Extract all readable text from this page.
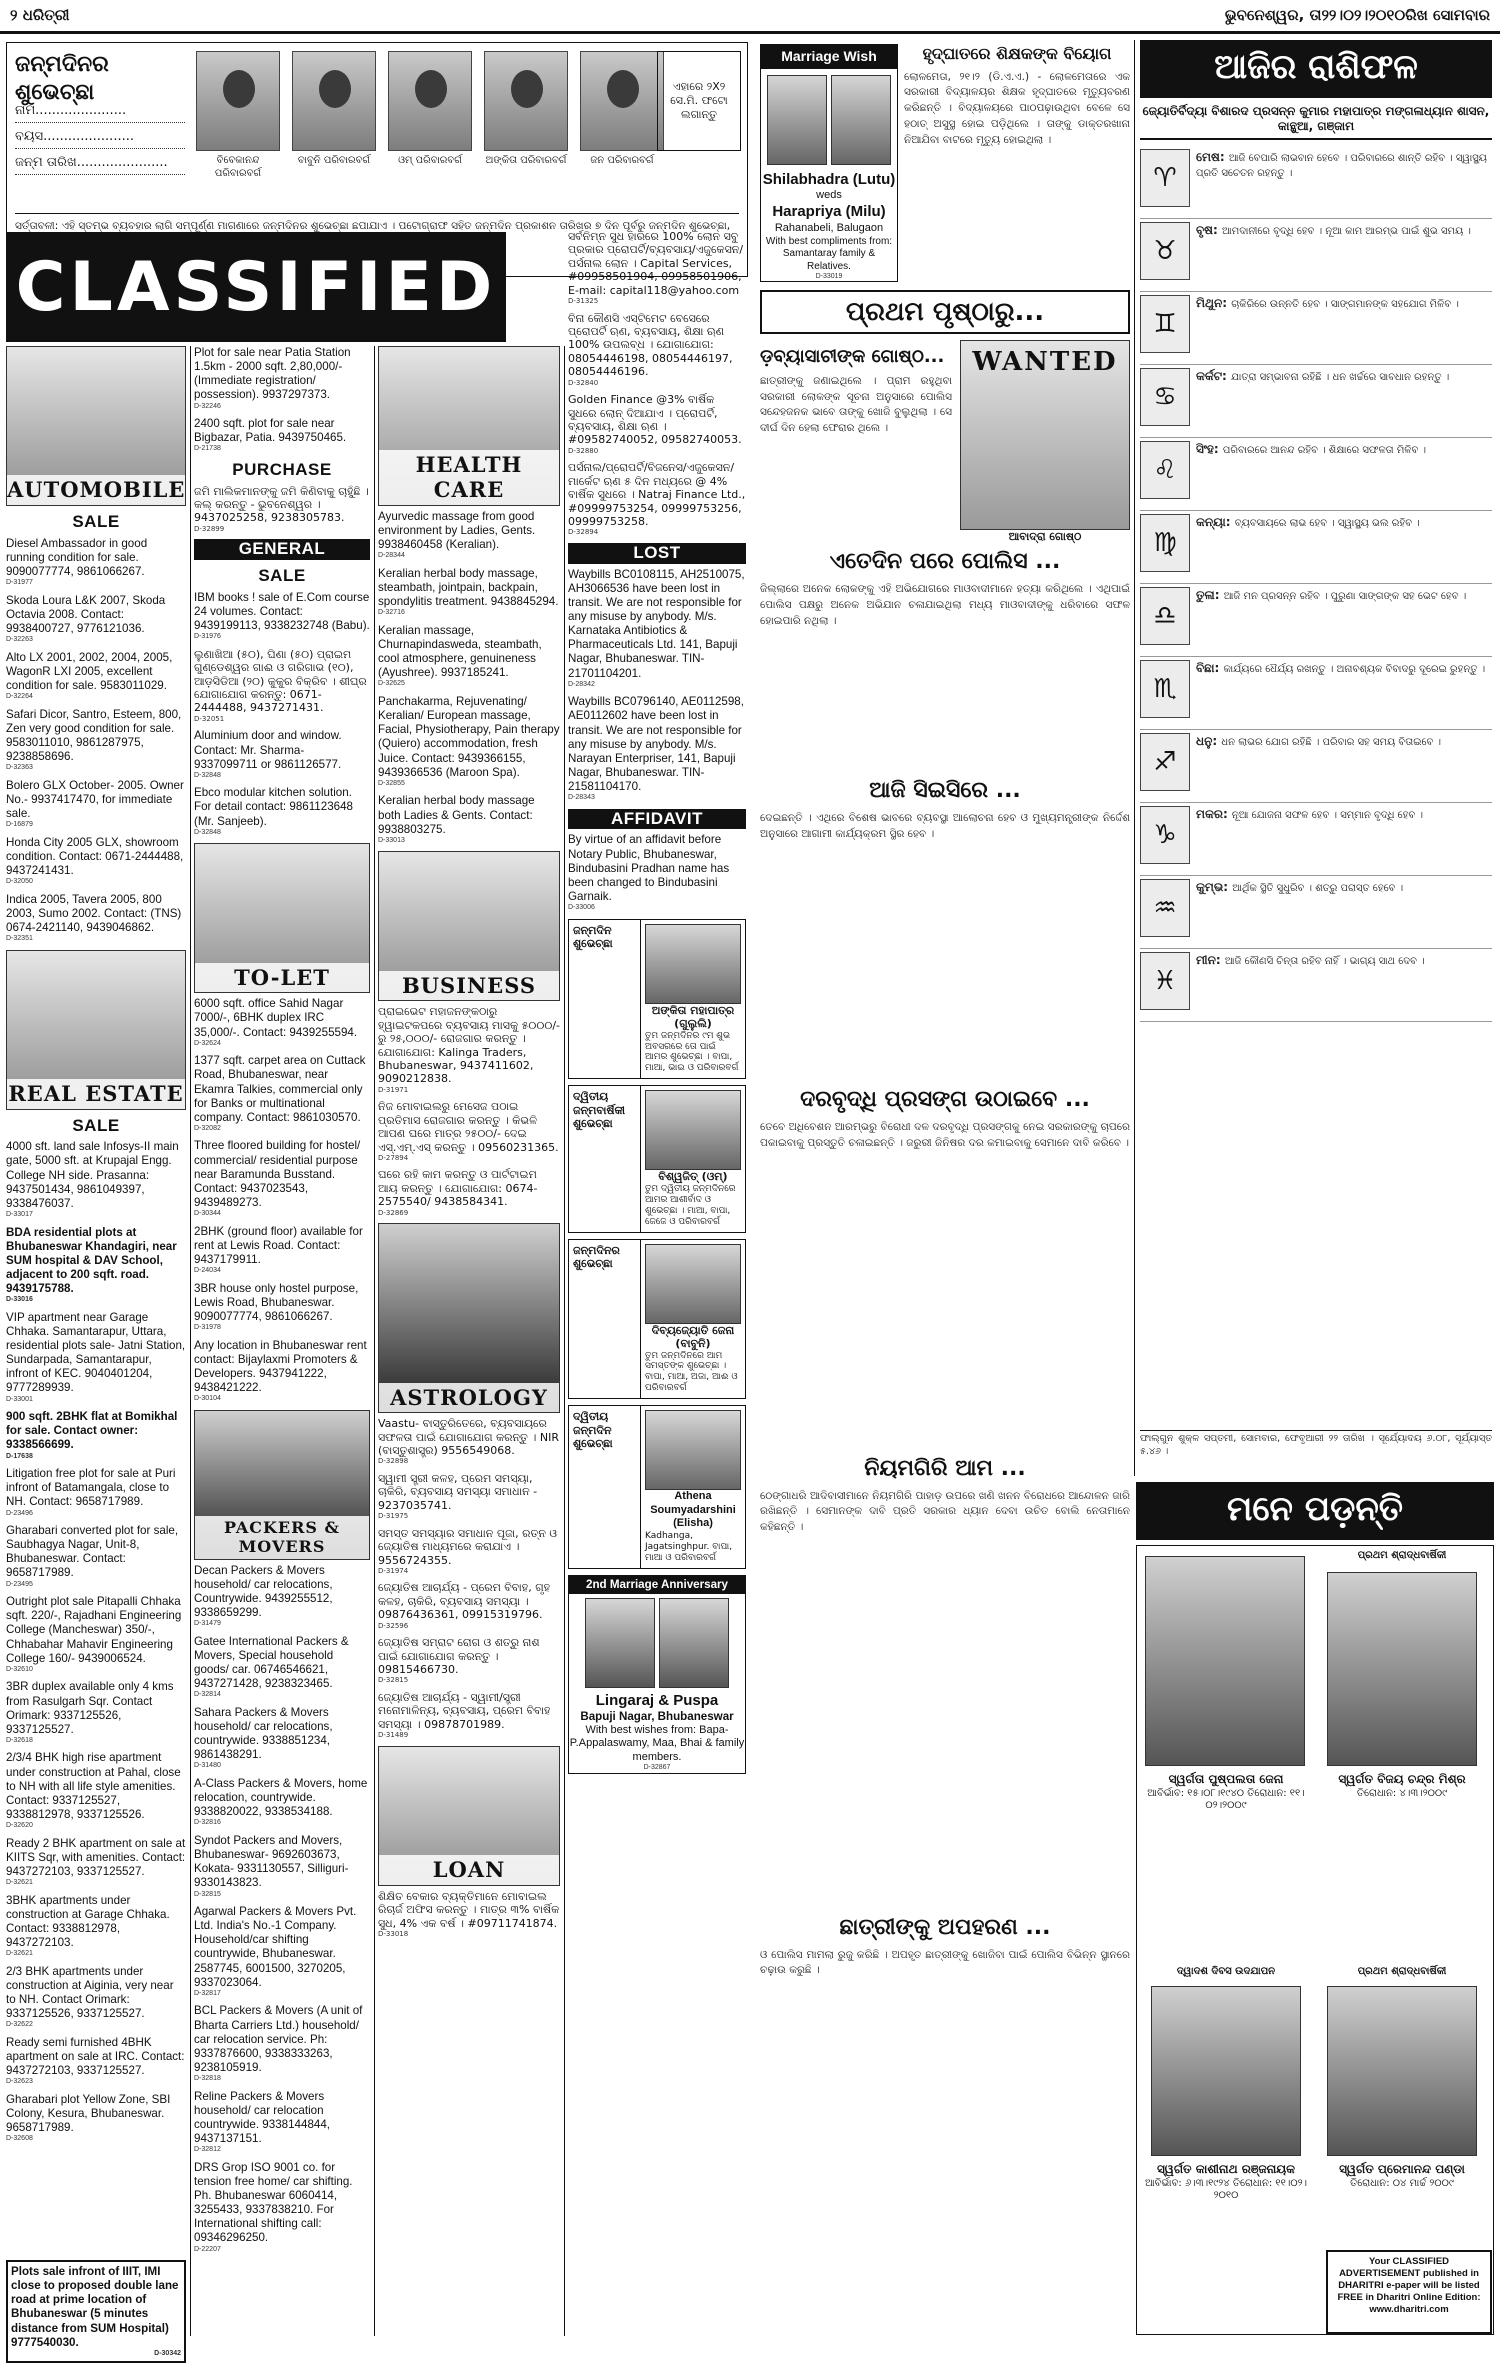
୨ ଧରିତ୍ରୀ	ଭୁବନେଶ୍ୱର, ତା୨୨।୦୨।୨୦୧୦ରିଖ ସୋମବାର
ଜନ୍ମଦିନର ଶୁଭେଚ୍ଛା
ନାମ......................
ବୟସ......................
ଜନ୍ମ ତାରିଖ......................	ବିବେକାନନ୍ଦ ପରିବାରବର୍ଗ
ବାବୁନି ପରିବାରବର୍ଗ	ଓମ୍ ପରିବାରବର୍ଗ	ଅଙ୍କିତା ପରିବାରବର୍ଗ	ଜନ ପରିବାରବର୍ଗ
ଏହାରେ ୨X୨ ସେ.ମି. ଫଟୋ ଲଗାନ୍ତୁ
ସର୍ତ୍ତାବଳୀ: ଏହି ସ୍ତମ୍ଭ ବ୍ୟବହାର ଲାଗି ସମ୍ପୂର୍ଣ୍ଣ ମାଗଣାରେ ଜନ୍ମଦିନର ଶୁଭେଚ୍ଛା ଛପାଯାଏ । ପଟୋଗ୍ରାଫ ସହିତ ଜନ୍ମଦିନ ପ୍ରକାଶନ ତାରିଖର ୭ ଦିନ ପୂର୍ବରୁ ଜନ୍ମଦିନ ଶୁଭେଚ୍ଛା,
CLASSIFIED
AUTOMOBILE
SALE
Diesel Ambassador in good running condition for sale. 9090077774, 9861066267.
D-31977
Skoda Loura L&K 2007, Skoda Octavia 2008. Contact: 9938400727, 9776121036.
D-32263
Alto LX 2001, 2002, 2004, 2005, WagonR LXI 2005, excellent condition for sale. 9583011029.
D-32264
Safari Dicor, Santro, Esteem, 800, Zen very good condition for sale. 9583011010, 9861287975, 9238858696.
D-32363
Bolero GLX October- 2005. Owner No.- 9937417470, for immediate sale.
D-16879
Honda City 2005 GLX, showroom condition. Contact: 0671-2444488, 9437241431.
D-32050
Indica 2005, Tavera 2005, 800 2003, Sumo 2002. Contact: (TNS) 0674-2421140, 9439046862.
D-32351
REAL ESTATE
SALE
4000 sft. land sale Infosys-II main gate, 5000 sft. at Krupajal Engg. College NH side. Prasanna: 9437501434, 9861049397, 9338476037.
D-33017
BDA residential plots at Bhubaneswar Khandagiri, near SUM hospital & DAV School, adjacent to 200 sqft. road. 9439175788.
D-33016
VIP apartment near Garage Chhaka. Samantarapur, Uttara, residential plots sale- Jatni Station, Sundarpada, Samantarapur, infront of KEC. 9040401204, 9777289939.
D-33001
900 sqft. 2BHK flat at Bomikhal for sale. Contact owner: 9338566699.
D-17638
Litigation free plot for sale at Puri infront of Batamangala, close to NH. Contact: 9658717989.
D-23496
Gharabari converted plot for sale, Saubhagya Nagar, Unit-8, Bhubaneswar. Contact: 9658717989.
D-23495
Outright plot sale Pitapalli Chhaka sqft. 220/-, Rajadhani Engineering College (Mancheswar) 350/-, Chhabahar Mahavir Engineering College 160/- 9439006524.
D-32610
3BR duplex available only 4 kms from Rasulgarh Sqr. Contact Orimark: 9337125526, 9337125527.
D-32618
2/3/4 BHK high rise apartment under construction at Pahal, close to NH with all life style amenities. Contact: 9337125527, 9338812978, 9337125526.
D-32620
Ready 2 BHK apartment on sale at KIITS Sqr, with amenities. Contact: 9437272103, 9337125527.
D-32621
3BHK apartments under construction at Garage Chhaka. Contact: 9338812978, 9437272103.
D-32621
2/3 BHK apartments under construction at Aiginia, very near to NH. Contact Orimark: 9337125526, 9337125527.
D-32622
Ready semi furnished 4BHK apartment on sale at IRC. Contact: 9437272103, 9337125527.
D-32623
Gharabari plot Yellow Zone, SBI Colony, Kesura, Bhubaneswar. 9658717989.
D-32608
Plots sale infront of IIIT, IMI close to proposed double lane road at prime location of Bhubaneswar (5 minutes distance from SUM Hospital) 9777540030.
D-30342
Plot for sale near Patia Station 1.5km - 2000 sqft. 2,80,000/- (Immediate registration/ possession). 9937297373.
D-32246
2400 sqft. plot for sale near Bigbazar, Patia. 9439750465.
D-21738
PURCHASE
ଜମି ମାଲିକମାନଙ୍କୁ ଜମି କିଣିବାକୁ ଚାହୁଁଛି । କଲ୍ କରନ୍ତୁ - ଭୁବନେଶ୍ୱର । 9437025258, 9238305783.
D-32899
GENERAL
SALE
IBM books ! sale of E.Com course 24 volumes. Contact: 9439199113, 9338232748 (Babu).
D-31976
ଲୁଣାଖିଆ (୫୦), ଘିଣା (୫୦) ପ୍ରାଇମ ଗୁଣ୍ଡେଶ୍ୱର ଗାଈ ଓ ଗରିଗାଭ (୧୦), ଆଡ଼ସିଡିଆ (୨୦) କୁକୁର ବିକ୍ରିବ । ଶୀଘ୍ର ଯୋଗାଯୋଗ କରନ୍ତୁ: 0671-2444488, 9437271431.
D-32051
Aluminium door and window. Contact: Mr. Sharma- 9337099711 or 9861126577.
D-32848
Ebco modular kitchen solution. For detail contact: 9861123648 (Mr. Sanjeeb).
D-32848
TO-LET
6000 sqft. office Sahid Nagar 7000/-, 6BHK duplex IRC 35,000/-. Contact: 9439255594.
D-32624
1377 sqft. carpet area on Cuttack Road, Bhubaneswar, near Ekamra Talkies, commercial only for Banks or multinational company. Contact: 9861030570.
D-32082
Three floored building for hostel/ commercial/ residential purpose near Baramunda Busstand. Contact: 9437023543, 9439489273.
D-30344
2BHK (ground floor) available for rent at Lewis Road. Contact: 9437179911.
D-24034
3BR house only hostel purpose, Lewis Road, Bhubaneswar. 9090077774, 9861066267.
D-31978
Any location in Bhubaneswar rent contact: Bijaylaxmi Promoters & Developers. 9437941222, 9438421222.
D-30104
PACKERS & MOVERS
Decan Packers & Movers household/ car relocations, Countrywide. 9439255512, 9338659299.
D-31479
Gatee International Packers & Movers, Special household goods/ car. 06746546621, 9437271428, 9238323465.
D-32814
Sahara Packers & Movers household/ car relocations, countrywide. 9338851234, 9861438291.
D-31480
A-Class Packers & Movers, home relocation, countrywide. 9338820022, 9338534188.
D-32816
Syndot Packers and Movers, Bhubaneswar- 9692603673, Kokata- 9331130557, Silliguri- 9330143823.
D-32815
Agarwal Packers & Movers Pvt. Ltd. India's No.-1 Company. Household/car shifting countrywide, Bhubaneswar. 2587745, 6001500, 3270205, 9337023064.
D-32817
BCL Packers & Movers (A unit of Bharta Carriers Ltd.) household/ car relocation service. Ph: 9337876600, 9338333263, 9238105919.
D-32818
Reline Packers & Movers household/ car relocation countrywide. 9338144844, 9437137151.
D-32812
DRS Grop ISO 9001 co. for tension free home/ car shifting. Ph. Bhubaneswar 6060414, 3255433, 9337838210. For International shifting call: 09346296250.
D-22207
HEALTH CARE
Ayurvedic massage from good environment by Ladies, Gents. 9938460458 (Keralian).
D-28344
Keralian herbal body massage, steambath, jointpain, backpain, spondylitis treatment. 9438845294.
D-32716
Keralian massage, Churnapindasweda, steambath, cool atmosphere, genuineness (Ayushree). 9937185241.
D-32625
Panchakarma, Rejuvenating/ Keralian/ European massage, Facial, Physiotherapy, Pain therapy (Quiero) accommodation, fresh Juice. Contact: 9439366155, 9439366536 (Maroon Spa).
D-32855
Keralian herbal body massage both Ladies & Gents. Contact: 9938803275.
D-33013
BUSINESS
ପ୍ରାଇଭେଟ ମହାଜନଙ୍କଠାରୁ ହ୍ୱାଇଟକପରେ ବ୍ୟବସାୟ ମାସକୁ ୫୦୦୦/- ରୁ ୨୫,୦୦୦/- ରୋଜଗାର କରନ୍ତୁ । ଯୋଗାଯୋଗ: Kalinga Traders, Bhubaneswar, 9437411602, 9090212838.
D-31971
ନିଜ ମୋବାଇଲରୁ ମେସେଜ ପଠାଇ ପ୍ରତିମାସ ରୋଜଗାର କରନ୍ତୁ । କିଭଳି ଆପଣ ଘରେ ମାତ୍ର ୨୫୦୦/- ଦେଇ ଏସ୍.ଏମ୍.ଏସ୍ କରନ୍ତୁ । 09560231365.
D-27894
ଘରେ ରହି କାମ କରନ୍ତୁ ଓ ପାର୍ଟଟାଇମ ଆୟ କରନ୍ତୁ । ଯୋଗାଯୋଗ: 0674-2575540/ 9438584341.
D-32869
ASTROLOGY
Vaastu- ବାସ୍ତୁରିତେରେ, ବ୍ୟବସାୟରେ ସଫଳତା ପାଇଁ ଯୋଗାଯୋଗ କରନ୍ତୁ । NIR (ବାସ୍ତୁଶାସ୍ତ୍ର) 9556549068.
D-32898
ସ୍ୱାମୀ ସ୍ତ୍ରୀ କଳହ, ପ୍ରେମ ସମସ୍ୟା, ଚାକିରି, ବ୍ୟବସାୟ ସମସ୍ୟା ସମାଧାନ - 9237035741.
D-31975
ସମସ୍ତ ସମସ୍ୟାର ସମାଧାନ ପୂଜା, ରତ୍ନ ଓ ଜ୍ୟୋତିଷ ମାଧ୍ୟମରେ କରାଯାଏ । 9556724355.
D-31974
ଜ୍ୟୋତିଷ ଆଚାର୍ଯ୍ୟ - ପ୍ରେମ ବିବାହ, ଗୃହ କଳହ, ଚାକିରି, ବ୍ୟବସାୟ ସମସ୍ୟା । 09876436361, 09915319796.
D-32596
ଜ୍ୟୋତିଷ ସମ୍ରାଟ ରୋଗ ଓ ଶତ୍ରୁ ନାଶ ପାଇଁ ଯୋଗାଯୋଗ କରନ୍ତୁ । 09815466730.
D-32815
ଜ୍ୟୋତିଷ ଆଚାର୍ଯ୍ୟ - ସ୍ୱାମୀ/ସ୍ତ୍ରୀ ମନୋମାଳିନ୍ୟ, ବ୍ୟବସାୟ, ପ୍ରେମ ବିବାହ ସମସ୍ୟା । 09878701989.
D-31489
LOAN
ଶିକ୍ଷିତ ବେକାର ବ୍ୟକ୍ତିମାନେ ମୋବାଇଲ ରିଚାର୍ଜ ଅଫିସ କରନ୍ତୁ । ମାତ୍ର ୩% ବାର୍ଷିକ ସୁଧ, 4% ଏକ ବର୍ଷ । #09711741874.
D-33018
ସର୍ବନିମ୍ନ ସୁଧ ହାରରେ 100% ଲୋନ ସବୁ ପ୍ରକାର ପ୍ରୋପର୍ଟି/ବ୍ୟବସାୟ/ଏଜୁକେସନ/ପର୍ସନାଲ ଲୋନ । Capital Services, #09958501904, 09958501906, E-mail: capital118@yahoo.com
D-31325
ବିନା କୌଣସି ଏସ୍ଟିମେଟ ବେସେରେ ପ୍ରୋପର୍ଟି ଋଣ, ବ୍ୟବସାୟ, ଶିକ୍ଷା ଋଣ 100% ଉପଲବ୍ଧ । ଯୋଗାଯୋଗ: 08054446198, 08054446197, 08054446196.
D-32840
Golden Finance @3% ବାର୍ଷିକ ସୁଧରେ ଲୋନ୍ ଦିଆଯାଏ । ପ୍ରୋପର୍ଟି, ବ୍ୟବସାୟ, ଶିକ୍ଷା ଋଣ । #09582740052, 09582740053.
D-32880
ପର୍ସନାଲ/ପ୍ରୋପର୍ଟି/ବିଜନେସ/ଏଜୁକେସନ/ମାର୍କେଟ ଋଣ ୫ ଦିନ ମଧ୍ୟରେ @ 4% ବାର୍ଷିକ ସୁଧରେ । Natraj Finance Ltd., #09999753254, 09999753256, 09999753258.
D-32894
LOST
Waybills BC0108115, AH2510075, AH3066536 have been lost in transit. We are not responsible for any misuse by anybody. M/s. Karnataka Antibiotics & Pharmaceuticals Ltd. 141, Bapuji Nagar, Bhubaneswar. TIN-21701104201.
D-28342
Waybills BC0796140, AE0112598, AE0112602 have been lost in transit. We are not responsible for any misuse by anybody. M/s. Narayan Enterpriser, 141, Bapuji Nagar, Bhubaneswar. TIN-21581104170.
D-28343
AFFIDAVIT
By virtue of an affidavit before Notary Public, Bhubaneswar, Bindubasini Pradhan name has been changed to Bindubasini Garnaik.
D-33006
ଜନ୍ମଦିନ ଶୁଭେଚ୍ଛା
ଅଙ୍କିତା ମହାପାତ୍ର (ଗୁଲୁଲି)
ତୁମ ଜନ୍ମଦିନର ୯ମ ଶୁଭ ଅବସରରେ ତୋ ପାଇଁ ଆମର ଶୁଭେଚ୍ଛା । ବାପା, ମାଆ, ଭାଇ ଓ ପରିବାରବର୍ଗ
ଦ୍ୱିତୀୟ ଜନ୍ମବାର୍ଷିକୀ ଶୁଭେଚ୍ଛା
ବିଶ୍ୱଜିତ୍ (ଓମ୍)
ତୁମ ଦ୍ୱିତୀୟ ଜନ୍ମଦିନରେ ଆମର ଆଶୀର୍ବାଦ ଓ ଶୁଭେଚ୍ଛା । ମାଆ, ବାପା, ଜେଜେ ଓ ପରିବାରବର୍ଗ
ଜନ୍ମଦିନର ଶୁଭେଚ୍ଛା
ଦିବ୍ୟଜ୍ୟୋତି ଜେନା (ବାବୁନି)
ତୁମ ଜନ୍ମଦିନରେ ଆମ ସମସ୍ତଙ୍କ ଶୁଭେଚ୍ଛା । ବାପା, ମାଆ, ଅଜା, ଆଈ ଓ ପରିବାରବର୍ଗ
ଦ୍ୱିତୀୟ ଜନ୍ମଦିନ ଶୁଭେଚ୍ଛା
Athena Soumyadarshini (Elisha)
Kadhanga, Jagatsinghpur. ବାପା, ମାଆ ଓ ପରିବାରବର୍ଗ
2nd Marriage Anniversary
Lingaraj & Puspa
Bapuji Nagar, Bhubaneswar
With best wishes from: Bapa- P.Appalaswamy, Maa, Bhai & family members.
D-32867
Marriage Wish
Shilabhadra (Lutu)
weds
Harapriya (Milu)
Rahanabeli, Balugaon
With best compliments from: Samantaray family & Relatives.
D-33019
ହୃଦ୍‌ଘାତରେ ଶିକ୍ଷକଙ୍କ ବିୟୋଗ
ଲୋଳମେତା, ୨୧।୨ (ଡି.ଏ.ଏ.) - ଲୋଳମେତାରେ ଏକ ସରକାରୀ ବିଦ୍ୟାଳୟର ଶିକ୍ଷକ ହୃଦ୍‌ଘାତରେ ମୃତ୍ୟୁବରଣ କରିଛନ୍ତି । ବିଦ୍ୟାଳୟରେ ପାଠପଢ଼ାଉଥିବା ବେଳେ ସେ ହଠାତ୍ ଅସୁସ୍ଥ ହୋଇ ପଡ଼ିଥିଲେ । ତାଙ୍କୁ ଡାକ୍ତରଖାନା ନିଆଯିବା ବାଟରେ ମୃତ୍ୟୁ ହୋଇଥିଲା ।
ପ୍ରଥମ ପୃଷ୍ଠାରୁ...
ଡ଼ବ୍ୟାସାଚୀଙ୍କ ଗୋଷ୍ଠ...
ଛାତ୍ରୀଙ୍କୁ ଜଣାଇଥିଲେ । ପ୍ରାମ ରହୁଥିବା ସରକାରୀ ଲୋକଙ୍କ ସୂଚନା ଅନୁସାରେ ପୋଲିସ ସନ୍ଦେହଜନକ ଭାବେ ତାଙ୍କୁ ଖୋଜି ବୁଲୁଥିଲା । ସେ ଦୀର୍ଘ ଦିନ ହେଲା ଫେରାର ଥିଲେ ।
WANTED
ଆବାଦ୍ରା ଗୋଷ୍ଠ
ଏତେଦିନ ପରେ ପୋଲିସ ...
ଜିଲ୍ଲାରେ ଅନେକ ଲୋକଙ୍କୁ ଏହି ଅଭିଯୋଗରେ ମାଓବାଦୀମାନେ ହତ୍ୟା କରିଥିଲେ । ଏଥିପାଇଁ ପୋଲିସ ପକ୍ଷରୁ ଅନେକ ଅଭିଯାନ ଚଳାଯାଇଥିଲା ମଧ୍ୟ ମାଓବାଦୀଙ୍କୁ ଧରିବାରେ ସଫଳ ହୋଇପାରି ନଥିଲା ।
ଆଜି ସିଇସିରେ ...
ଦେଇଛନ୍ତି । ଏଥିରେ ବିଶେଷ ଭାବରେ ବ୍ୟବସ୍ଥା ଆଲୋଚନା ହେବ ଓ ମୁଖ୍ୟମନ୍ତ୍ରୀଙ୍କ ନିର୍ଦ୍ଦେଶ ଅନୁସାରେ ଆଗାମୀ କାର୍ଯ୍ୟକ୍ରମ ସ୍ଥିର ହେବ ।
ଦରବୃଦ୍ଧି ପ୍ରସଙ୍ଗ ଉଠାଇବେ ...
ତେବେ ଅଧିବେଶନ ଆରମ୍ଭରୁ ବିରୋଧୀ ଦଳ ଦରବୃଦ୍ଧି ପ୍ରସଙ୍ଗକୁ ନେଇ ସରକାରଙ୍କୁ ଚାପରେ ପକାଇବାକୁ ପ୍ରସ୍ତୁତି ଚଳାଇଛନ୍ତି । ଜରୁରୀ ଜିନିଷର ଦର କମାଇବାକୁ ସେମାନେ ଦାବି କରିବେ ।
ନିୟମଗିରି ଆମ ...
ଠେଙ୍ଗାଧରି ଆଦିବାସୀମାନେ ନିୟମଗିରି ପାହାଡ଼ ଉପରେ ଖଣି ଖନନ ବିରୋଧରେ ଆନ୍ଦୋଳନ ଜାରି ରଖିଛନ୍ତି । ସେମାନଙ୍କ ଦାବି ପ୍ରତି ସରକାର ଧ୍ୟାନ ଦେବା ଉଚିତ ବୋଲି ନେତାମାନେ କହିଛନ୍ତି ।
ଛାତ୍ରୀଙ୍କୁ ଅପହରଣ ...
ଓ ପୋଲିସ ମାମଲା ରୁଜୁ କରିଛି । ଅପହୃତ ଛାତ୍ରୀଙ୍କୁ ଖୋଜିବା ପାଇଁ ପୋଲିସ ବିଭିନ୍ନ ସ୍ଥାନରେ ଚଢ଼ାଉ କରୁଛି ।
ଆଜିର ରାଶିଫଳ
ଜ୍ୟୋତିର୍ବିଦ୍ୟା ବିଶାରଦ ପ୍ରସନ୍ନ କୁମାର ମହାପାତ୍ର ମଙ୍ଗଳାଧ୍ୟାନ ଶାସନ, କାନ୍ଥୁଆ, ଗଞ୍ଜାମ
♈
ମେଷ: ଆଜି ବେପାରି ଲାଭବାନ ହେବେ । ପରିବାରରେ ଶାନ୍ତି ରହିବ । ସ୍ୱାସ୍ଥ୍ୟ ପ୍ରତି ସଚେତନ ରହନ୍ତୁ ।
♉
ବୃଷ: ଆମଦାନୀରେ ବୃଦ୍ଧି ହେବ । ନୂଆ କାମ ଆରମ୍ଭ ପାଇଁ ଶୁଭ ସମୟ ।
♊
ମିଥୁନ: ଚାକିରିରେ ଉନ୍ନତି ହେବ । ସାଙ୍ଗମାନଙ୍କ ସହଯୋଗ ମିଳିବ ।
♋
କର୍କଟ: ଯାତ୍ରା ସମ୍ଭାବନା ରହିଛି । ଧନ ଖର୍ଚ୍ଚରେ ସାବଧାନ ରହନ୍ତୁ ।
♌
ସିଂହ: ପରିବାରରେ ଆନନ୍ଦ ରହିବ । ଶିକ୍ଷାରେ ସଫଳତା ମିଳିବ ।
♍
କନ୍ୟା: ବ୍ୟବସାୟରେ ଲାଭ ହେବ । ସ୍ୱାସ୍ଥ୍ୟ ଭଲ ରହିବ ।
♎
ତୁଳା: ଆଜି ମନ ପ୍ରସନ୍ନ ରହିବ । ପୁରୁଣା ସାଙ୍ଗଙ୍କ ସହ ଭେଟ ହେବ ।
♏
ବିଛା: କାର୍ଯ୍ୟରେ ଧୈର୍ଯ୍ୟ ରଖନ୍ତୁ । ଅନାବଶ୍ୟକ ବିବାଦରୁ ଦୂରେଇ ରୁହନ୍ତୁ ।
♐
ଧନୁ: ଧନ ଲାଭର ଯୋଗ ରହିଛି । ପରିବାର ସହ ସମୟ ବିତାଇବେ ।
♑
ମକର: ନୂଆ ଯୋଜନା ସଫଳ ହେବ । ସମ୍ମାନ ବୃଦ୍ଧି ହେବ ।
♒
କୁମ୍ଭ: ଆର୍ଥିକ ସ୍ଥିତି ସୁଧୁରିବ । ଶତ୍ରୁ ପରାସ୍ତ ହେବେ ।
♓
ମୀନ: ଆଜି କୌଣସି ଚିନ୍ତା ରହିବ ନାହିଁ । ଭାଗ୍ୟ ସାଥ ଦେବ ।
ଫାଲ୍‌ଗୁନ ଶୁକ୍ଳ ସପ୍ତମୀ, ସୋମବାର, ଫେବୃଆରୀ ୨୨ ତାରିଖ । ସୂର୍ଯ୍ୟୋଦୟ ୬.୦୮, ସୂର୍ଯ୍ୟାସ୍ତ ୫.୪୬ ।
ମନେ ପଡ଼ନ୍ତି
ପ୍ରଥମ ଶ୍ରାଦ୍ଧବାର୍ଷିକୀ
ସ୍ୱର୍ଗତା ପୁଷ୍ପଲତା ଜେନା
ଆବିର୍ଭାବ: ୧୫।୦୮।୧୯୪୦ ତିରୋଧାନ: ୧୧।୦୨।୨୦୦୯
ସ୍ୱର୍ଗତ ବିଜୟ ଚନ୍ଦ୍ର ମିଶ୍ର
ତିରୋଧାନ: ୪।୩।୨୦୦୯
ଦ୍ୱାଦଶ ଦିବସ ଉଦଯାପନ	ପ୍ରଥମ ଶ୍ରାଦ୍ଧବାର୍ଷିକୀ
ସ୍ୱର୍ଗତ କାଶୀନାଥ ରଞ୍ଜନାୟକ
ଆବିର୍ଭାବ: ୬।୩।୧୯୨୪ ତିରୋଧାନ: ୧୧।୦୨।୨୦୧୦
ସ୍ୱର୍ଗତ ପ୍ରେମାନନ୍ଦ ପଣ୍ଡା
ତିରୋଧାନ: ୦୪ ମାର୍ଚ୍ଚ ୨୦୦୯
Your CLASSIFIED ADVERTISEMENT published in DHARITRI e-paper will be listed FREE in Dharitri Online Edition: www.dharitri.com
